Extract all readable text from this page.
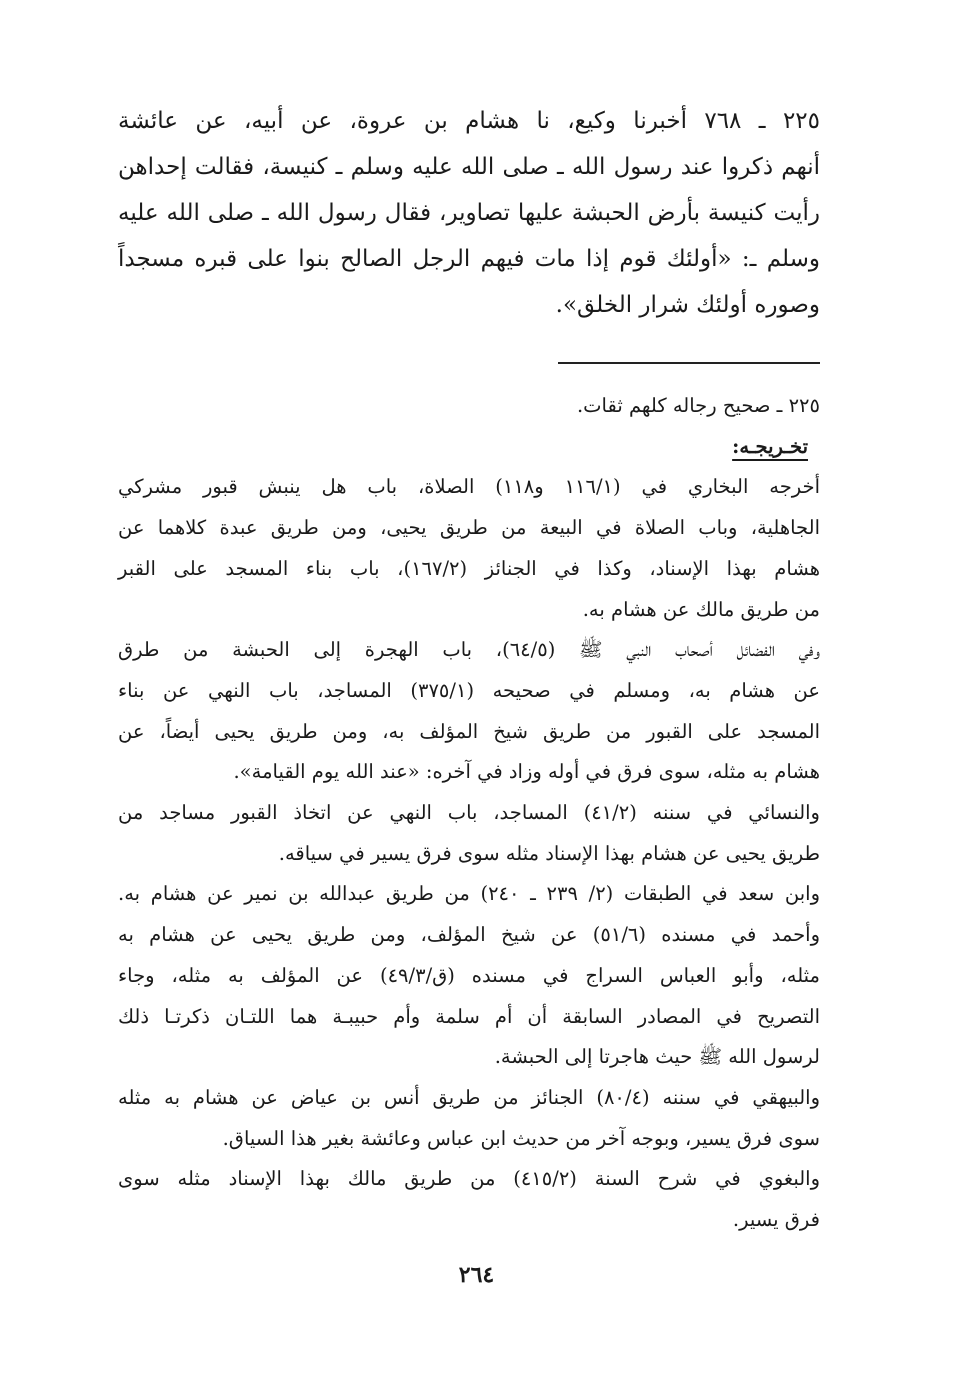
٢٢٥ ـ ٧٦٨ أخبرنا وكيع، نا هشام بن عروة، عن أبيه، عن عائشة
أنهم ذكروا عند رسول الله ـ صلى الله عليه وسلم ـ كنيسة، فقالت إحداهن
رأيت كنيسة بأرض الحبشة عليها تصاوير، فقال رسول الله ـ صلى الله عليه
وسلم ـ: «أولئك قوم إذا مات فيهم الرجل الصالح بنوا على قبره مسجداً
وصوره أولئك شرار الخلق».
٢٢٥ ـ صحيح رجاله كلهم ثقات.
تخـريجـه:
أخرجه البخاري في (١١٦/١ و١١٨) الصلاة، باب هل ينبش قبور مشركي
الجاهلية، وباب الصلاة في البيعة من طريق يحيى، ومن طريق عبدة كلاهما عن
هشام بهذا الإسناد، وكذا في الجنائز (١٦٧/٢)، باب بناء المسجد على القبر
من طريق مالك عن هشام به.
وفي الفضائل أصحاب النبي ﷺ (٦٤/٥)، باب الهجرة إلى الحبشة من طرق
عن هشام به، ومسلم في صحيحه (٣٧٥/١) المساجد، باب النهي عن بناء
المسجد على القبور من طريق شيخ المؤلف به، ومن طريق يحيى أيضاً، عن
هشام به مثله، سوى فرق في أوله وزاد في آخره: «عند الله يوم القيامة».
والنسائي في سننه (٤١/٢) المساجد، باب النهي عن اتخاذ القبور مساجد من
طريق يحيى عن هشام بهذا الإسناد مثله سوى فرق يسير في سياقه.
وابن سعد في الطبقات (٢/ ٢٣٩ ـ ٢٤٠) من طريق عبدالله بن نمير عن هشام به.
وأحمد في مسنده (٥١/٦) عن شيخ المؤلف، ومن طريق يحيى عن هشام به
مثله، وأبو العباس السراج في مسنده (ق/٤٩/٣) عن المؤلف به مثله، وجاء
التصريح في المصادر السابقة أن أم سلمة وأم حبيبـة هما اللتـان ذكرتـا ذلك
لرسول الله ﷺ حيث هاجرتا إلى الحبشة.
والبيهقي في سننه (٨٠/٤) الجنائز من طريق أنس بن عياض عن هشام به مثله
سوى فرق يسير، وبوجه آخر من حديث ابن عباس وعائشة بغير هذا السياق.
والبغوي في شرح السنة (٤١٥/٢) من طريق مالك بهذا الإسناد مثله سوى
فرق يسير.
٢٦٤
